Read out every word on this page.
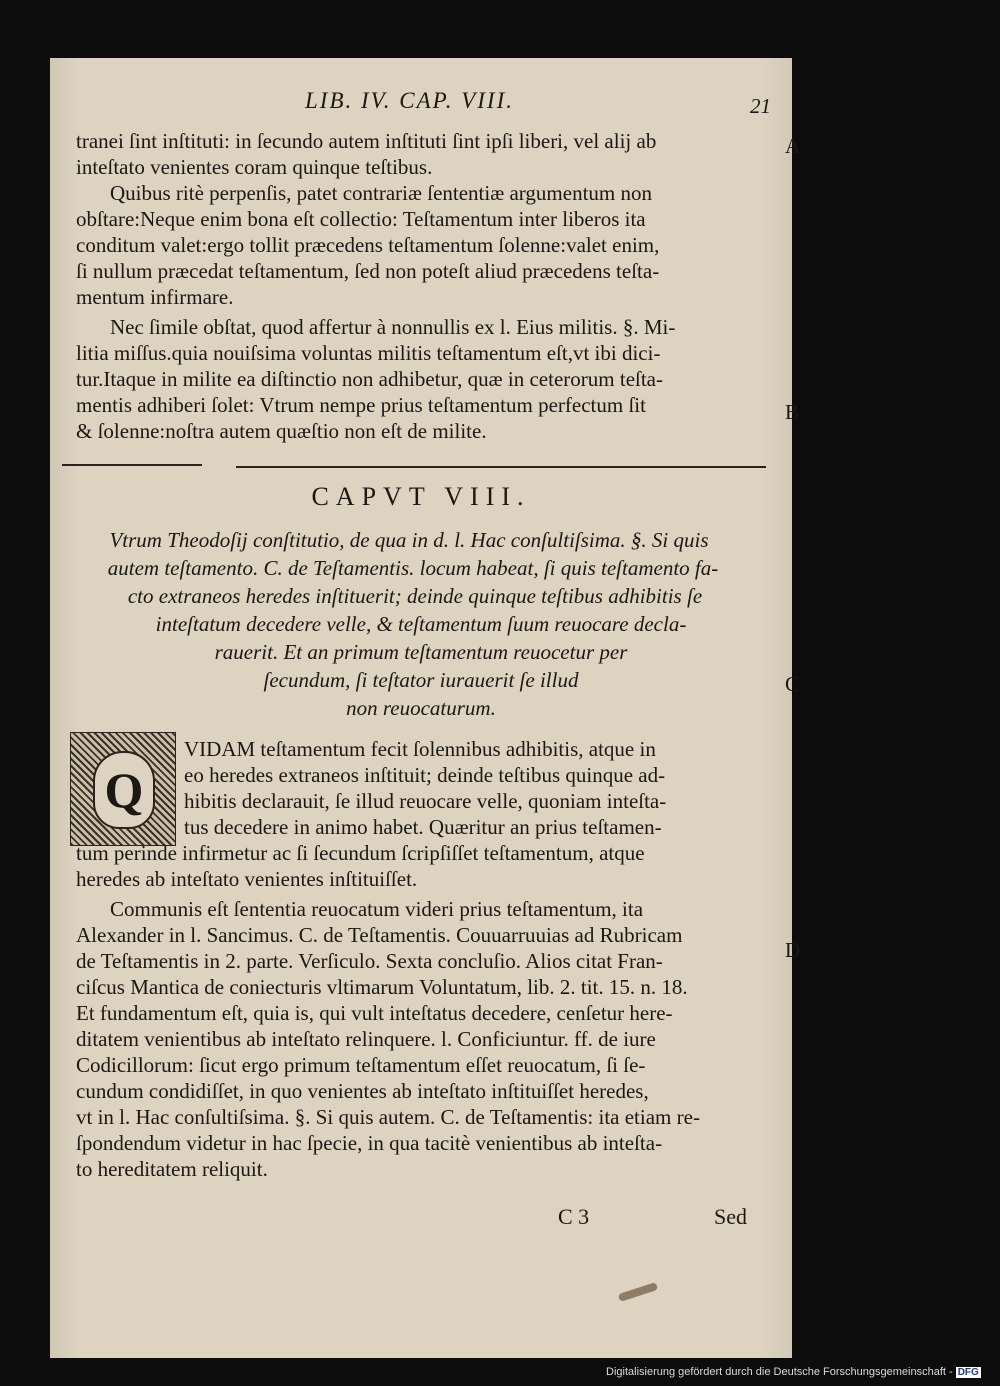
LIB. IV. CAP. VIII.	21
tranei ſint inſtituti: in ſecundo autem inſtituti ſint ipſi liberi, vel alij ab
inteſtato venientes coram quinque teſtibus.
Quibus ritè perpenſis, patet contrariæ ſententiæ argumentum non
obſtare:Neque enim bona eſt collectio: Teſtamentum inter liberos ita
conditum valet:ergo tollit præcedens teſtamentum ſolenne:valet enim,
ſi nullum præcedat teſtamentum, ſed non poteſt aliud præcedens teſta-
mentum infirmare.
Nec ſimile obſtat, quod affertur à nonnullis ex l. Eius militis. §. Mi-
litia miſſus.quia nouiſsima voluntas militis teſtamentum eſt,vt ibi dici-
tur.Itaque in milite ea diſtinctio non adhibetur, quæ in ceterorum teſta-
mentis adhiberi ſolet: Vtrum nempe prius teſtamentum perfectum ſit
& ſolenne:noſtra autem quæſtio non eſt de milite.
A
B
CAPVT VIII.
Vtrum Theodoſij conſtitutio, de qua in d. l. Hac conſultiſsima. §. Si quis
autem teſtamento. C. de Teſtamentis. locum habeat, ſi quis teſtamento fa-
cto extraneos heredes inſtituerit; deinde quinque teſtibus adhibitis ſe
inteſtatum decedere velle, & teſtamentum ſuum reuocare decla-
rauerit. Et an primum teſtamentum reuocetur per
ſecundum, ſi teſtator iurauerit ſe illud
non reuocaturum.
C
Q
VIDAM teſtamentum fecit ſolennibus adhibitis, atque in
eo heredes extraneos inſtituit; deinde teſtibus quinque ad-
hibitis declarauit, ſe illud reuocare velle, quoniam inteſta-
tus decedere in animo habet. Quæritur an prius teſtamen-
tum perinde infirmetur ac ſi ſecundum ſcripſiſſet teſtamentum, atque
heredes ab inteſtato venientes inſtituiſſet.
Communis eſt ſententia reuocatum videri prius teſtamentum, ita
Alexander in l. Sancimus. C. de Teſtamentis. Couuarruuias ad Rubricam
de Teſtamentis in 2. parte. Verſiculo. Sexta concluſio. Alios citat Fran-
ciſcus Mantica de coniecturis vltimarum Voluntatum, lib. 2. tit. 15. n. 18.
Et fundamentum eſt, quia is, qui vult inteſtatus decedere, cenſetur here-
ditatem venientibus ab inteſtato relinquere. l. Conficiuntur. ff. de iure
Codicillorum: ſicut ergo primum teſtamentum eſſet reuocatum, ſi ſe-
cundum condidiſſet, in quo venientes ab inteſtato inſtituiſſet heredes,
vt in l. Hac conſultiſsima. §. Si quis autem. C. de Teſtamentis: ita etiam re-
ſpondendum videtur in hac ſpecie, in qua tacitè venientibus ab inteſta-
to hereditatem reliquit.
D
C 3	Sed
Digitalisierung gefördert durch die Deutsche Forschungsgemeinschaft - DFG
